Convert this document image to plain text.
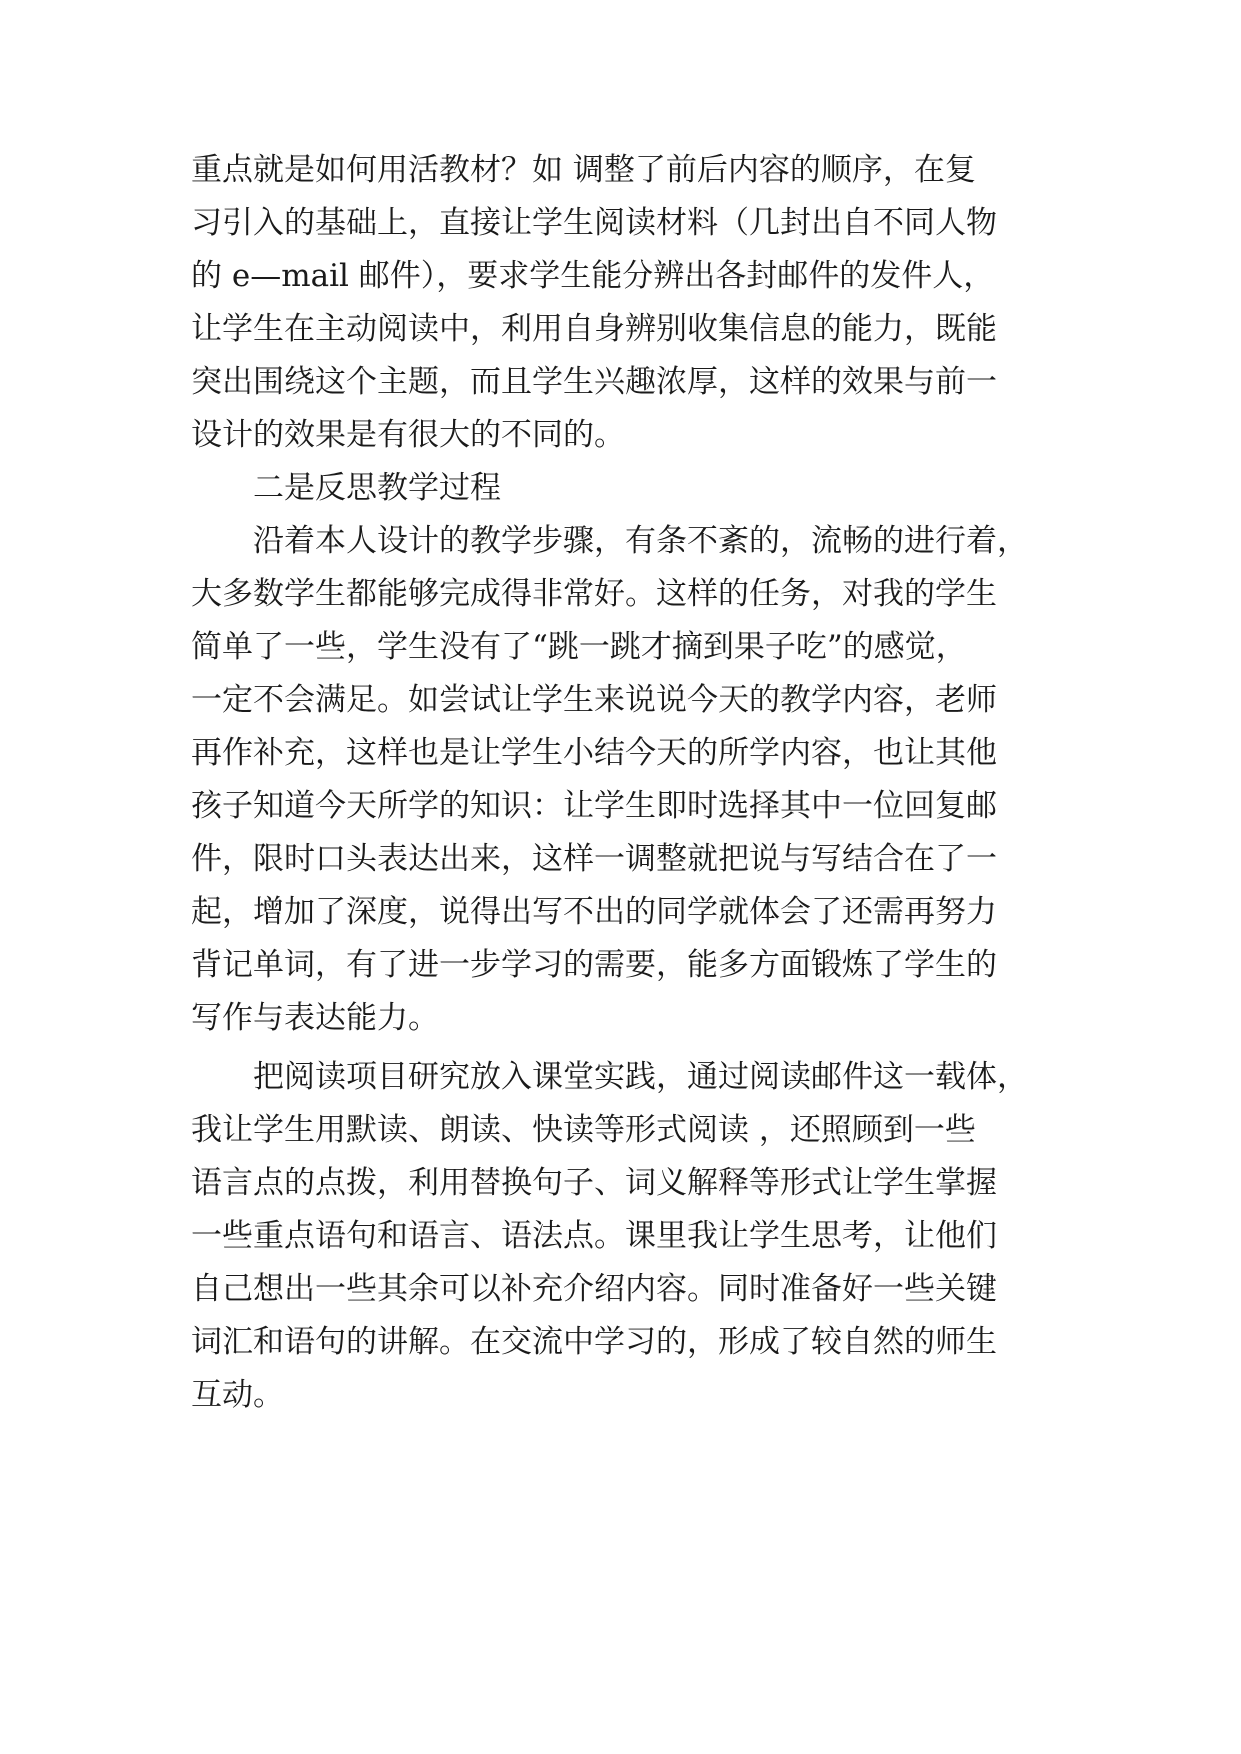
重点就是如何用活教材？如 调整了前后内容的顺序，在复
习引入的基础上，直接让学生阅读材料（几封出自不同人物
的 e—mail 邮件），要求学生能分辨出各封邮件的发件人，
让学生在主动阅读中，利用自身辨别收集信息的能力，既能
突出围绕这个主题，而且学生兴趣浓厚，这样的效果与前一
设计的效果是有很大的不同的。
二是反思教学过程
沿着本人设计的教学步骤，有条不紊的，流畅的进行着，
大多数学生都能够完成得非常好。这样的任务，对我的学生
简单了一些，学生没有了“跳一跳才摘到果子吃”的感觉，
一定不会满足。如尝试让学生来说说今天的教学内容，老师
再作补充，这样也是让学生小结今天的所学内容，也让其他
孩子知道今天所学的知识：让学生即时选择其中一位回复邮
件，限时口头表达出来，这样一调整就把说与写结合在了一
起，增加了深度，说得出写不出的同学就体会了还需再努力
背记单词，有了进一步学习的需要，能多方面锻炼了学生的
写作与表达能力。
把阅读项目研究放入课堂实践，通过阅读邮件这一载体，
我让学生用默读、朗读、快读等形式阅读 ，还照顾到一些
语言点的点拨，利用替换句子、词义解释等形式让学生掌握
一些重点语句和语言、语法点。课里我让学生思考，让他们
自己想出一些其余可以补充介绍内容。同时准备好一些关键
词汇和语句的讲解。在交流中学习的，形成了较自然的师生
互动。
